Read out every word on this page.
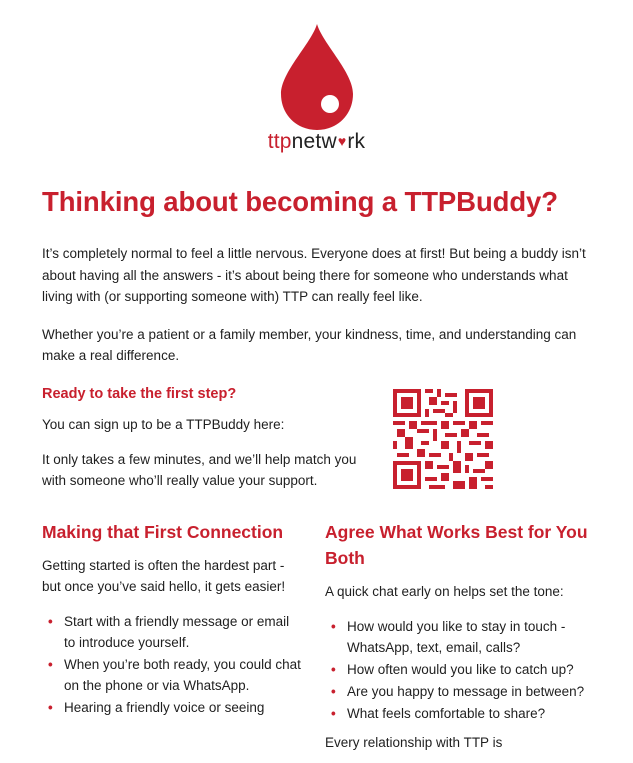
ttpnetw♥rk
Thinking about becoming a TTPBuddy?

It’s completely normal to feel a little nervous. Everyone does at first! But being a buddy isn’t about having all the answers - it’s about being there for someone who understands what living with (or supporting someone with) TTP can really feel like.

Whether you’re a patient or a family member, your kindness, time, and understanding can make a real difference.

Ready to take the first step?

You can sign up to be a TTPBuddy here:

It only takes a few minutes, and we’ll help match you with someone who’ll really value your support.

Making that First Connection

Getting started is often the hardest part - but once you’ve said hello, it gets easier!

• Start with a friendly message or email to introduce yourself.
• When you’re both ready, you could chat on the phone or via WhatsApp.
• Hearing a friendly voice or seeing
Agree What Works Best for You Both

A quick chat early on helps set the tone:

• How would you like to stay in touch - WhatsApp, text, email, calls?
• How often would you like to catch up?
• Are you happy to message in between?
• What feels comfortable to share?
Every relationship with TTP is
